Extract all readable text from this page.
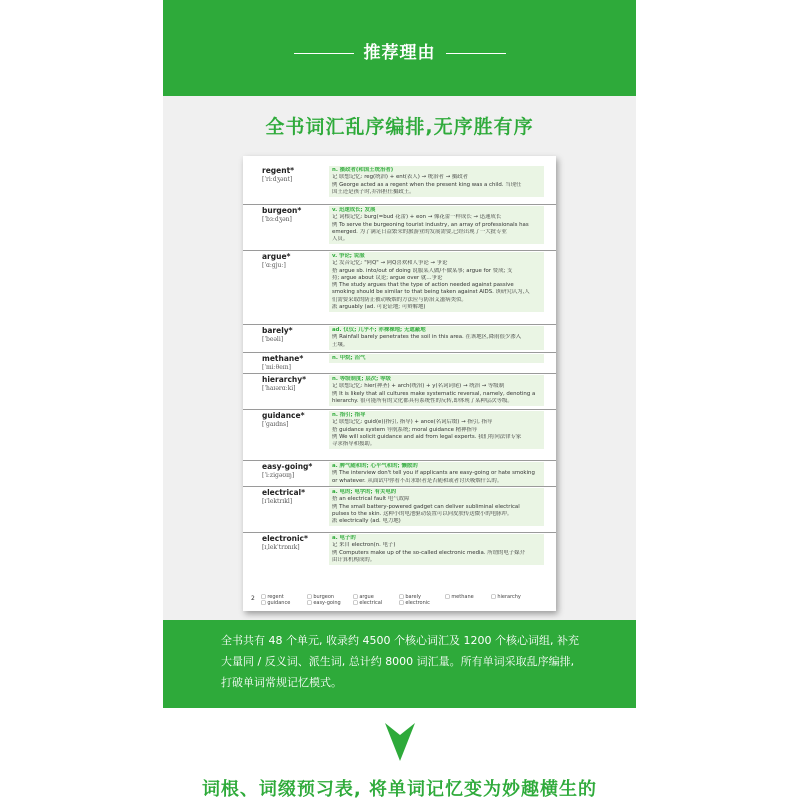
推荐理由
全书词汇乱序编排,无序胜有序
regent*
[ˈriːdʒənt]
n. 摄政者(和国王统治者)
记 联想记忆: reg(统治) + ent(表人) → 统治者 → 摄政者
例 George acted as a regent when the present king was a child. 当现任
国王还是孩子时,乔治担任摄政王。
burgeon*
[ˈbɜːdʒən]
v. 迅速成长; 发展
记 词根记忆: burg(=bud 花蕾) + eon → 像花蕾一样成长 → 迅速成长
例 To serve the burgeoning tourist industry, an array of professionals has
emerged. 为了满足日益繁荣的旅游业的发展需要,已经出现了一大批专业
人员。
argue*
[ˈɑːɡjuː]
v. 争论; 说服
记 发音记忆: "阿Q" → 阿Q喜欢和人争论 → 争论
搭 argue sb. into/out of doing 说服某人做/不做某事; argue for 赞成; 支
持; argue about 议论; argue over 就…争论
例 The study argues that the type of action needed against passive
smoking should be similar to that being taken against AIDS. 该研究认为,人
们需要采取的防止被动吸烟的方法应与防治艾滋病类似。
派 arguably (ad. 可论证地; 可辩解地)
barely*
[ˈbeəli]
ad. 仅仅; 几乎不; 赤裸裸地; 无遮蔽地
例 Rainfall barely penetrates the soil in this area. 在该地区,降雨很少渗入
土壤。
methane*
[ˈmiːθeɪn]
n. 甲烷; 沼气
hierarchy*
[ˈhaɪərɑːki]
n. 等级制度; 层次; 等级
记 联想记忆: hier(神圣) + arch(统治) + y(名词词尾) → 统治 → 等级制
例 It is likely that all cultures make systematic reversal, namely, denoting a
hierarchy. 很可能所有的文化都具有系统性的反转,即体现了某种层次等级。
guidance*
[ˈɡaɪdns]
n. 指引; 指导
记 联想记忆: guid(e)(指引, 指导) + ance(名词后缀) → 指引, 指导
搭 guidance system 导航系统; moral guidance 精神指导
例 We will solicit guidance and aid from legal experts. 我们将向法律专家
寻求指导和援助。
easy-going*
[ˈiːziɡəʊɪŋ]
a. 脾气随和的; 心平气和的; 懒散的
例 The interview don't tell you if applicants are easy-going or hate smoking
or whatever. 从面试中你看不出求职者是否随和或者讨厌吸烟什么的。
electrical*
[ɪˈlektrɪkl]
a. 电的; 电学的; 有关电的
搭 an electrical fault 电气故障
例 The small battery-powered gadget can deliver subliminal electrical
pulses to the skin. 这种小的电池驱动装置可以向皮肤传送微小的电脉冲。
派 electrically (ad. 电力地)
electronic*
[ɪˌlekˈtrɒnɪk]
a. 电子的
记 来自 electron(n. 电子)
例 Computers make up of the so-called electronic media. 所谓的电子媒介
由计算机构成的。
2 □ regent	□ burgeon	□ argue	□ barely	□ methane	□ hierarchy□ guidance	□ easy-going □ electrical	□ electronic
全书共有 48 个单元, 收录约 4500 个核心词汇及 1200 个核心词组, 补充大量同 / 反义词、派生词, 总计约 8000 词汇量。所有单词采取乱序编排, 打破单词常规记忆模式。
词根、词缀预习表, 将单词记忆变为妙趣横生的
